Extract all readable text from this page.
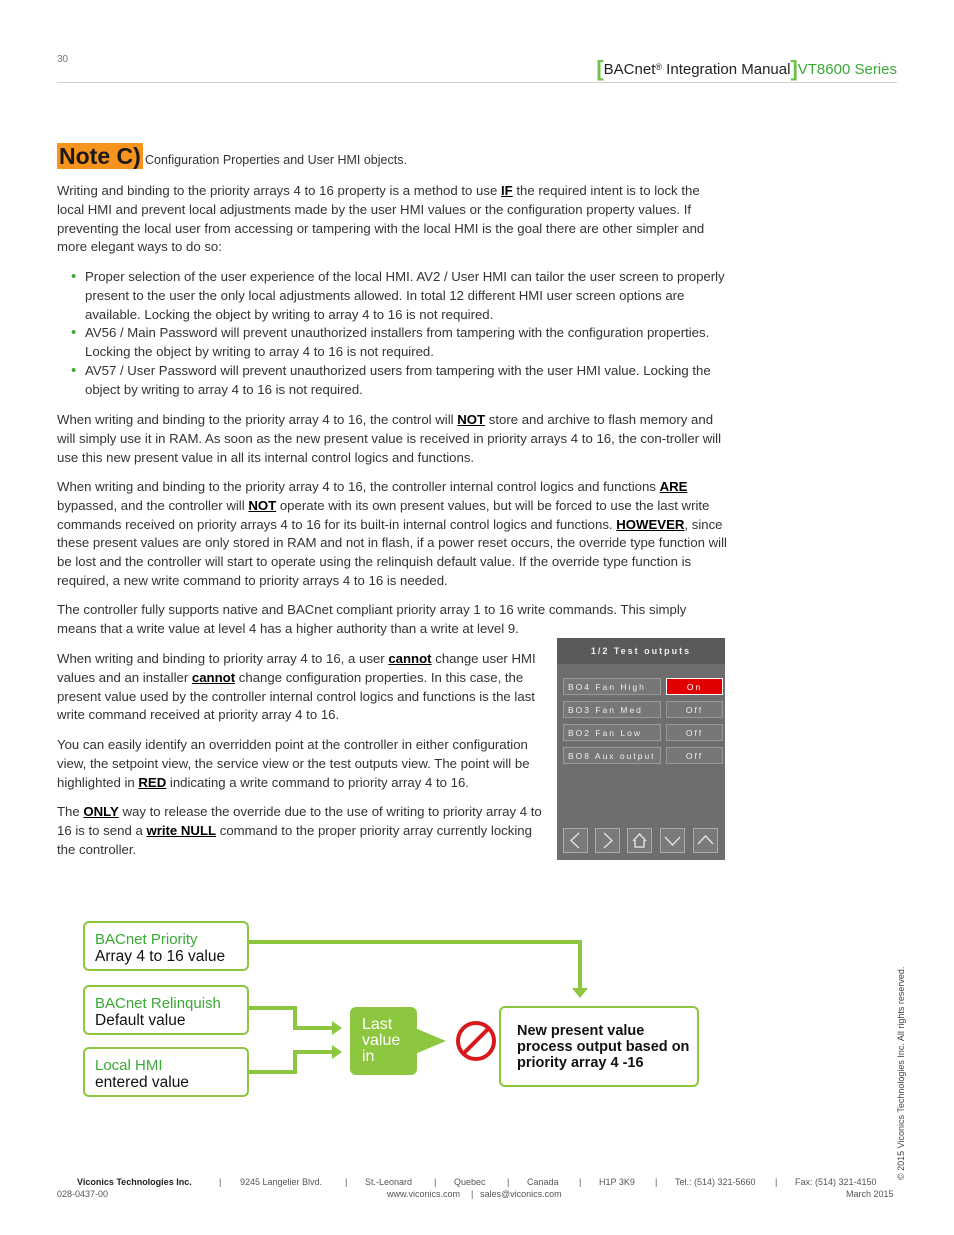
30	[BACnet® Integration Manual]VT8600 Series
Note C) Configuration Properties and User HMI objects.
Writing and binding to the priority arrays 4 to 16 property is a method to use IF the required intent is to lock the local HMI and prevent local adjustments made by the user HMI values or the configuration property values. If preventing the local user from accessing or tampering with the local HMI is the goal there are other simpler and more elegant ways to do so:
• Proper selection of the user experience of the local HMI. AV2 / User HMI can tailor the user screen to properly present to the user the only local adjustments allowed. In total 12 different HMI user screen options are available. Locking the object by writing to array 4 to 16 is not required.
• AV56 / Main Password will prevent unauthorized installers from tampering with the configuration properties. Locking the object by writing to array 4 to 16 is not required.
• AV57 / User Password will prevent unauthorized users from tampering with the user HMI value. Locking the object by writing to array 4 to 16 is not required.
When writing and binding to the priority array 4 to 16, the control will NOT store and archive to flash memory and will simply use it in RAM. As soon as the new present value is received in priority arrays 4 to 16, the con-troller will use this new present value in all its internal control logics and functions.
When writing and binding to the priority array 4 to 16, the controller internal control logics and functions ARE bypassed, and the controller will NOT operate with its own present values, but will be forced to use the last write commands received on priority arrays 4 to 16 for its built-in internal control logics and functions. HOWEVER, since these present values are only stored in RAM and not in flash, if a power reset occurs, the override type function will be lost and the controller will start to operate using the relinquish default value. If the override type function is required, a new write command to priority arrays 4 to 16 is needed.
The controller fully supports native and BACnet compliant priority array 1 to 16 write commands. This simply means that a write value at level 4 has a higher authority than a write at level 9.
When writing and binding to priority array 4 to 16, a user cannot change user HMI values and an installer cannot change configuration properties. In this case, the present value used by the controller internal control logics and functions is the last write command received at priority array 4 to 16.
You can easily identify an overridden point at the controller in either configuration view, the setpoint view, the service view or the test outputs view. The point will be highlighted in RED indicating a write command to priority array 4 to 16.
The ONLY way to release the override due to the use of writing to priority array 4 to 16 is to send a write NULL command to the proper priority array currently locking the controller.
1/2 Test outputs
BO4 Fan High	On
BO3 Fan Med	Off
BO2 Fan Low	Off
BO8 Aux output	Off
BACnet Priority
Array 4 to 16 value
BACnet Relinquish
Default value
Local HMI
entered value
Last
value
in
New present value process output based on priority array 4 -16	© 2015 Viconics Technologies Inc. All rights reserved.
Viconics Technologies Inc.	| 9245 Langelier Blvd.	| St.-Leonard | Quebec | Canada | H1P 3K9 | Tel.: (514) 321-5660 | Fax: (514) 321-4150
028-0437-00	www.viconics.com | sales@viconics.com	March 2015
